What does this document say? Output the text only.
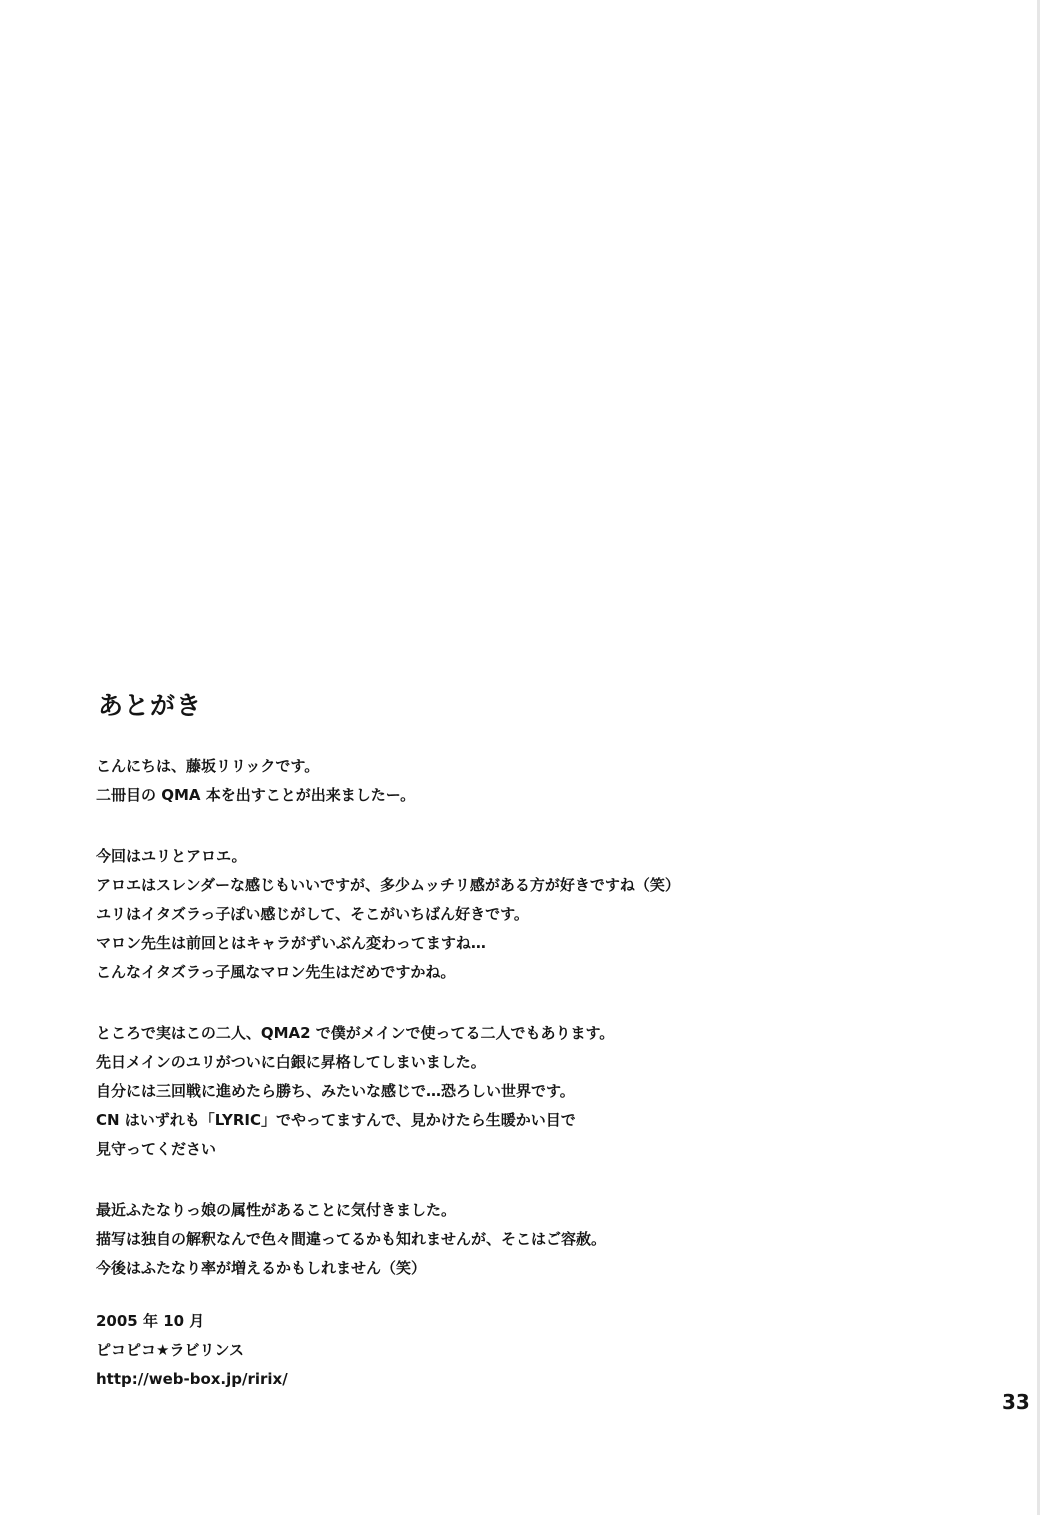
あとがき
こんにちは、藤坂リリックです。
二冊目の QMA 本を出すことが出来ましたー。
今回はユリとアロエ。
アロエはスレンダーな感じもいいですが、多少ムッチリ感がある方が好きですね（笑）
ユリはイタズラっ子ぽい感じがして、そこがいちばん好きです。
マロン先生は前回とはキャラがずいぶん変わってますね…
こんなイタズラっ子風なマロン先生はだめですかね。
ところで実はこの二人、QMA2 で僕がメインで使ってる二人でもあります。
先日メインのユリがついに白銀に昇格してしまいました。
自分には三回戦に進めたら勝ち、みたいな感じで…恐ろしい世界です。
CN はいずれも「LYRIC」でやってますんで、見かけたら生暖かい目で
見守ってください
最近ふたなりっ娘の属性があることに気付きました。
描写は独自の解釈なんで色々間違ってるかも知れませんが、そこはご容赦。
今後はふたなり率が増えるかもしれません（笑）
2005 年 10 月
ピコピコ★ラビリンス
http://web-box.jp/ririx/
33
